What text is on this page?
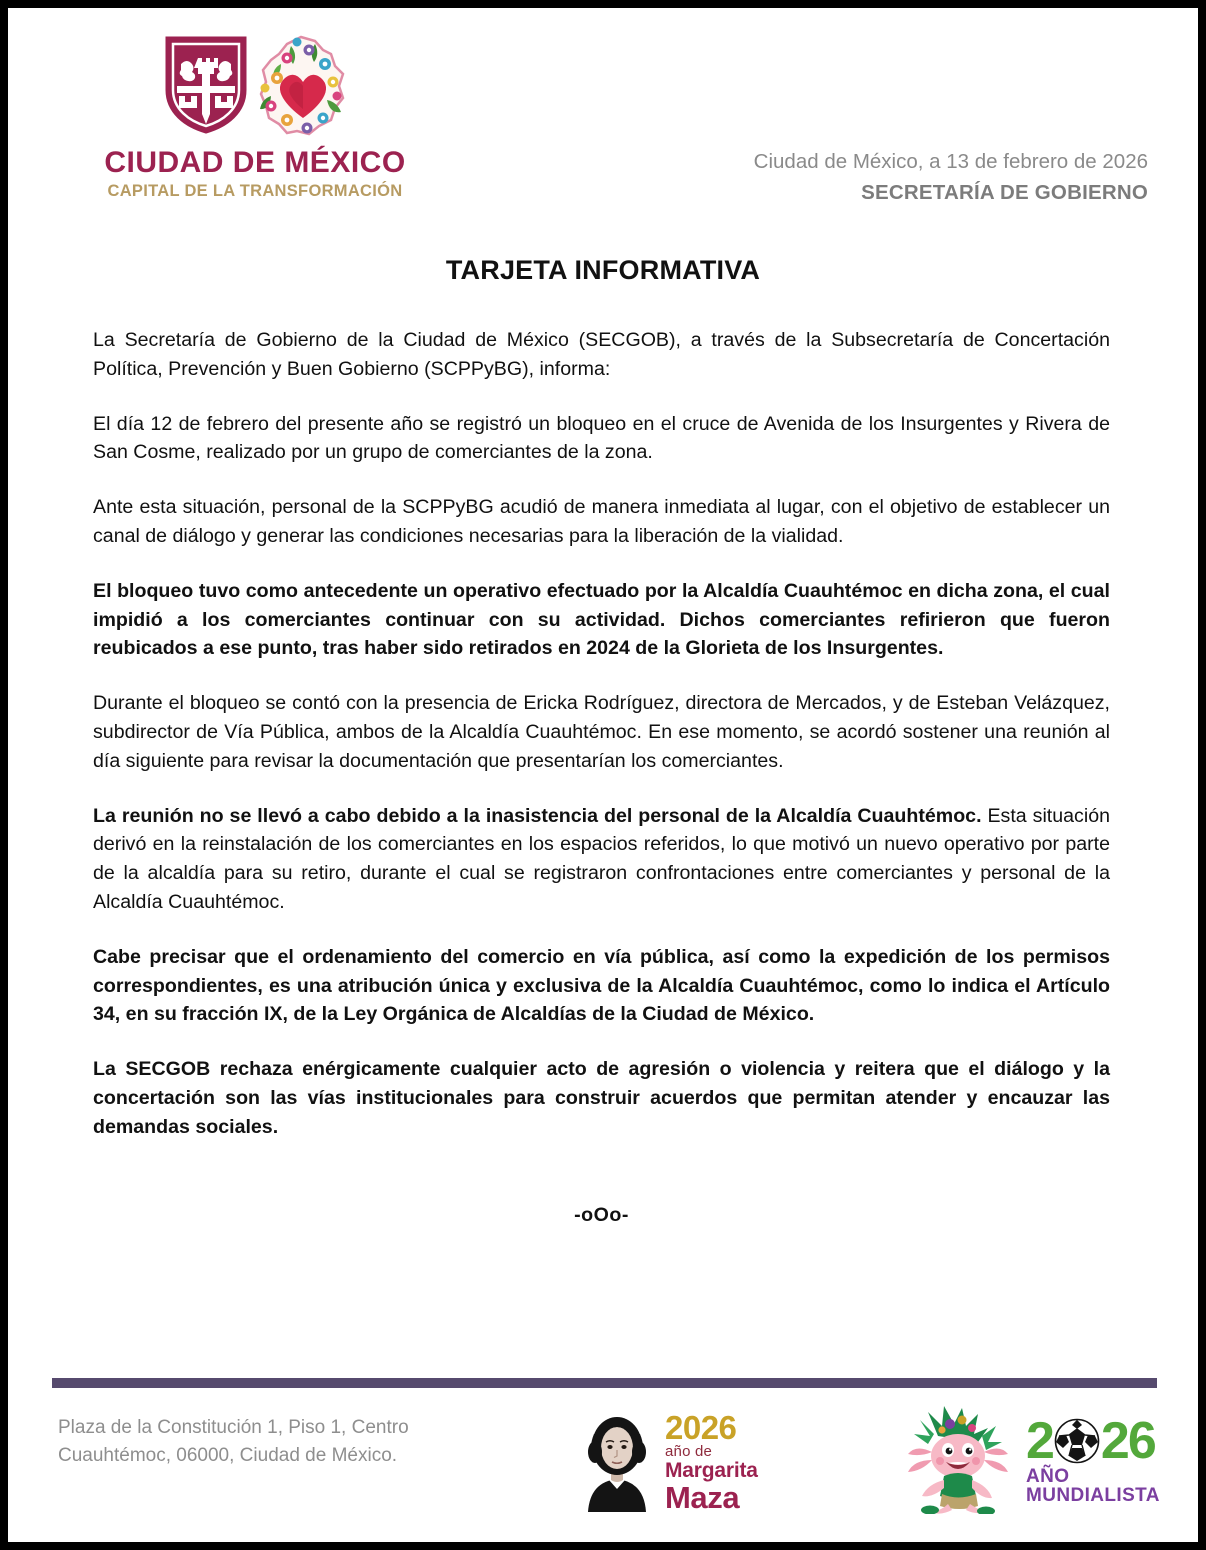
CIUDAD DE MÉXICO
CAPITAL DE LA TRANSFORMACIÓN
Ciudad de México, a 13 de febrero de 2026
SECRETARÍA DE GOBIERNO
TARJETA INFORMATIVA

La Secretaría de Gobierno de la Ciudad de México (SECGOB), a través de la Subsecretaría de Concertación Política, Prevención y Buen Gobierno (SCPPyBG), informa:

El día 12 de febrero del presente año se registró un bloqueo en el cruce de Avenida de los Insurgentes y Rivera de San Cosme, realizado por un grupo de comerciantes de la zona.

Ante esta situación, personal de la SCPPyBG acudió de manera inmediata al lugar, con el objetivo de establecer un canal de diálogo y generar las condiciones necesarias para la liberación de la vialidad.

El bloqueo tuvo como antecedente un operativo efectuado por la Alcaldía Cuauhtémoc en dicha zona, el cual impidió a los comerciantes continuar con su actividad. Dichos comerciantes refirieron que fueron reubicados a ese punto, tras haber sido retirados en 2024 de la Glorieta de los Insurgentes.

Durante el bloqueo se contó con la presencia de Ericka Rodríguez, directora de Mercados, y de Esteban Velázquez, subdirector de Vía Pública, ambos de la Alcaldía Cuauhtémoc. En ese momento, se acordó sostener una reunión al día siguiente para revisar la documentación que presentarían los comerciantes.

La reunión no se llevó a cabo debido a la inasistencia del personal de la Alcaldía Cuauhtémoc. Esta situación derivó en la reinstalación de los comerciantes en los espacios referidos, lo que motivó un nuevo operativo por parte de la alcaldía para su retiro, durante el cual se registraron confrontaciones entre comerciantes y personal de la Alcaldía Cuauhtémoc.

Cabe precisar que el ordenamiento del comercio en vía pública, así como la expedición de los permisos correspondientes, es una atribución única y exclusiva de la Alcaldía Cuauhtémoc, como lo indica el Artículo 34, en su fracción IX, de la Ley Orgánica de Alcaldías de la Ciudad de México.

La SECGOB rechaza enérgicamente cualquier acto de agresión o violencia y reitera que el diálogo y la concertación son las vías institucionales para construir acuerdos que permitan atender y encauzar las demandas sociales.

-oOo-
Plaza de la Constitución 1, Piso 1, Centro
Cuauhtémoc, 06000, Ciudad de México.
2026
año de
Margarita
Maza
2 26
AÑO MUNDIALISTA
